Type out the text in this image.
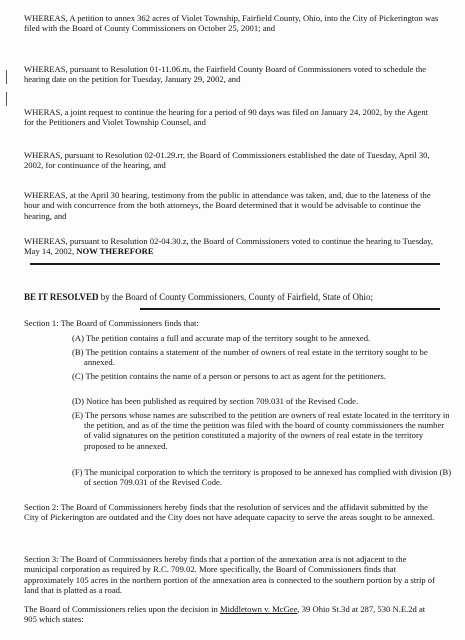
WHEREAS, A petition to annex 362 acres of Violet Township, Fairfield County, Ohio, into the City of Pickerington was filed with the Board of County Commissioners on October 25, 2001; and

WHEREAS, pursuant to Resolution 01-11.06.m, the Fairfield County Board of Commissioners voted to schedule the hearing date on the petition for Tuesday, January 29, 2002, and

WHERAS, a joint request to continue the hearing for a period of 90 days was filed on January 24, 2002, by the Agent for the Petitioners and Violet Township Counsel, and

WHERAS, pursuant to Resolution 02-01.29.rr, the Board of Commissioners established the date of Tuesday, April 30, 2002, for continuance of the hearing, and

WHEREAS, at the April 30 hearing, testimony from the public in attendance was taken, and, due to the lateness of the hour and with concurrence from the both attorneys, the Board determined that it would be advisable to continue the hearing, and

WHEREAS, pursuant to Resolution 02-04.30.z, the Board of Commissioners voted to continue the hearing to Tuesday, May 14, 2002, NOW THEREFORE

BE IT RESOLVED by the Board of County Commissioners, County of Fairfield, State of Ohio;

Section 1: The Board of Commissioners finds that:

(A) The petition contains a full and accurate map of the territory sought to be annexed.

(B) The petition contains a statement of the number of owners of real estate in the territory sought to be annexed.

(C) The petition contains the name of a person or persons to act as agent for the petitioners.

(D) Notice has been published as required by section 709.031 of the Revised Code.

(E) The persons whose names are subscribed to the petition are owners of real estate located in the territory in the petition, and as of the time the petition was filed with the board of county commissioners the number of valid signatures on the petition constituted a majority of the owners of real estate in the territory proposed to be annexed.

(F) The municipal corporation to which the territory is proposed to be annexed has complied with division (B) of section 709.031 of the Revised Code.

Section 2: The Board of Commissioners hereby finds that the resolution of services and the affidavit submitted by the City of Pickerington are outdated and the City does not have adequate capacity to serve the areas sought to be annexed.

Section 3: The Board of Commissioners hereby finds that a portion of the annexation area is not adjacent to the municipal corporation as required by R.C. 709.02. More specifically, the Board of Commissioners finds that approximately 105 acres in the northern portion of the annexation area is connected to the southern portion by a strip of land that is platted as a road.

The Board of Commissioners relies upon the decision in Middletown v. McGee, 39 Ohio St.3d at 287, 530 N.E.2d at 905 which states:
